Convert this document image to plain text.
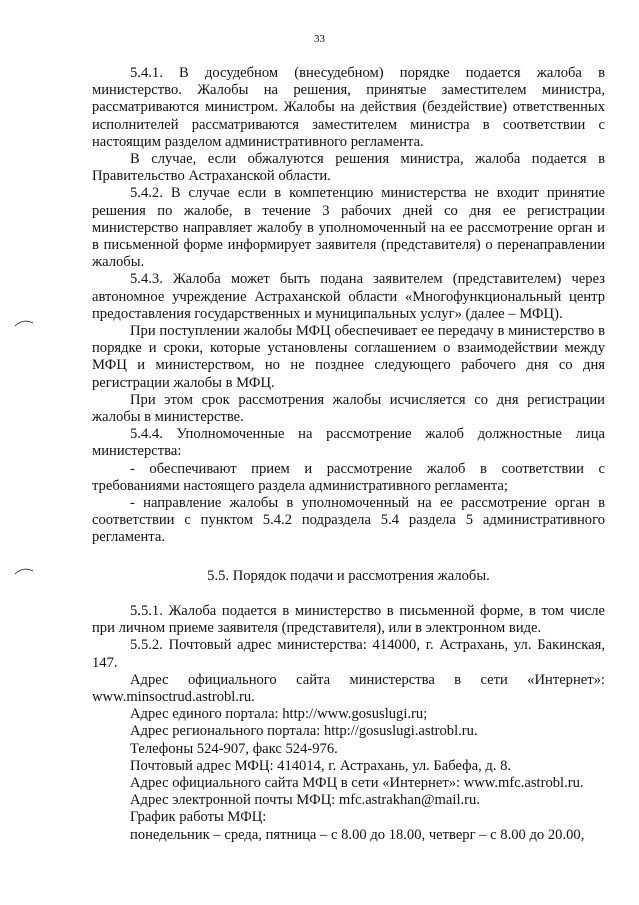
33

5.4.1. В досудебном (внесудебном) порядке подается жалоба в министерство. Жалобы на решения, принятые заместителем министра, рассматриваются министром. Жалобы на действия (бездействие) ответственных исполнителей рассматриваются заместителем министра в соответствии с настоящим разделом административного регламента.

В случае, если обжалуются решения министра, жалоба подается в Правительство Астраханской области.

5.4.2. В случае если в компетенцию министерства не входит принятие решения по жалобе, в течение 3 рабочих дней со дня ее регистрации министерство направляет жалобу в уполномоченный на ее рассмотрение орган и в письменной форме информирует заявителя (представителя) о перенаправлении жалобы.

5.4.3. Жалоба может быть подана заявителем (представителем) через автономное учреждение Астраханской области «Многофункциональный центр предоставления государственных и муниципальных услуг» (далее – МФЦ).

При поступлении жалобы МФЦ обеспечивает ее передачу в министерство в порядке и сроки, которые установлены соглашением о взаимодействии между МФЦ и министерством, но не позднее следующего рабочего дня со дня регистрации жалобы в МФЦ.

При этом срок рассмотрения жалобы исчисляется со дня регистрации жалобы в министерстве.

5.4.4. Уполномоченные на рассмотрение жалоб должностные лица министерства:

- обеспечивают прием и рассмотрение жалоб в соответствии с требованиями настоящего раздела административного регламента;

- направление жалобы в уполномоченный на ее рассмотрение орган в соответствии с пунктом 5.4.2 подраздела 5.4 раздела 5 административного регламента.

5.5. Порядок подачи и рассмотрения жалобы.

5.5.1. Жалоба подается в министерство в письменной форме, в том числе при личном приеме заявителя (представителя), или в электронном виде.

5.5.2. Почтовый адрес министерства: 414000, г. Астрахань, ул. Бакинская, 147.

Адрес официального сайта министерства в сети «Интернет»: www.minsoctrud.astrobl.ru.

Адрес единого портала: http://www.gosuslugi.ru;

Адрес регионального портала: http://gosuslugi.astrobl.ru.

Телефоны 524-907, факс 524-976.

Почтовый адрес МФЦ: 414014, г. Астрахань, ул. Бабефа, д. 8.

Адрес официального сайта МФЦ в сети «Интернет»: www.mfc.astrobl.ru.

Адрес электронной почты МФЦ: mfc.astrakhan@mail.ru.

График работы МФЦ:

понедельник – среда, пятница – с 8.00 до 18.00, четверг – с 8.00 до 20.00,
